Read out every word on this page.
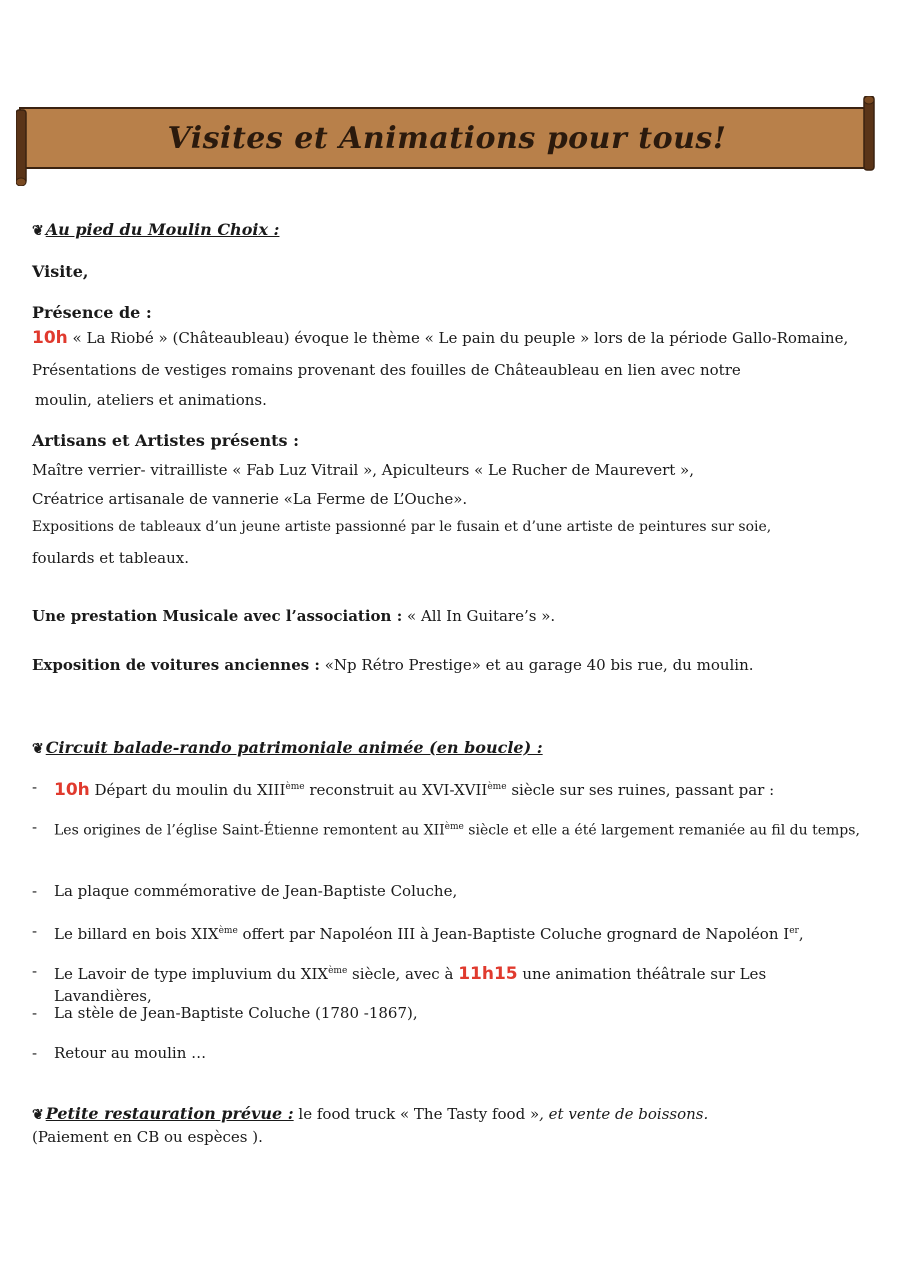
Visites et Animations pour tous!
❦ Au pied du Moulin Choix :
Visite,
Présence de :
10h « La Riobé » (Châteaubleau) évoque le thème « Le pain du peuple » lors de la période Gallo-Romaine,
Présentations de vestiges romains provenant des fouilles de Châteaubleau en lien avec notre
moulin, ateliers et animations.
Artisans et Artistes présents :
Maître verrier- vitrailliste « Fab Luz Vitrail », Apiculteurs « Le Rucher de Maurevert »,
Créatrice artisanale de vannerie «La Ferme de L’Ouche».
Expositions de tableaux d’un jeune artiste passionné par le fusain et d’une artiste de peintures sur soie,
foulards et tableaux.
Une prestation Musicale avec l’association : « All In Guitare’s ».
Exposition de voitures anciennes : «Np Rétro Prestige» et au garage 40 bis rue, du moulin.
❦ Circuit balade-rando patrimoniale animée (en boucle) :
- 10h Départ du moulin du XIIIème reconstruit au XVI-XVIIème siècle sur ses ruines, passant par :
-	Les origines de l’église Saint-Étienne remontent au XIIème siècle et elle a été largement remaniée au fil du temps,
-	La plaque commémorative de Jean-Baptiste Coluche,
-	Le billard en bois XIXème offert par Napoléon III à Jean-Baptiste Coluche grognard de Napoléon Ier,
-	Le Lavoir de type impluvium du XIXème siècle, avec à 11h15 une animation théâtrale sur Les Lavandières,
-	La stèle de Jean-Baptiste Coluche (1780 -1867),
-	Retour au moulin …
❦ Petite restauration prévue : le food truck « The Tasty food », et vente de boissons.
(Paiement en CB ou espèces ).
